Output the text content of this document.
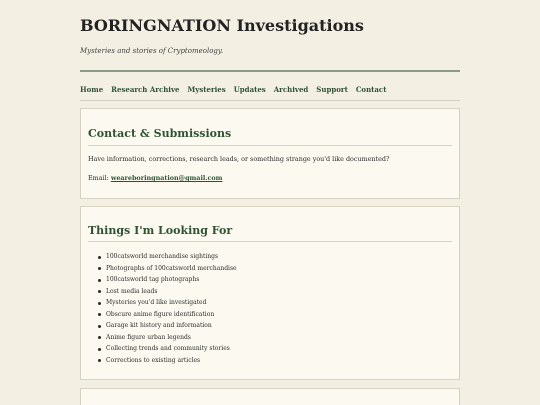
BORINGNATION Investigations

Mysteries and stories of Cryptomeology.

Home Research Archive Mysteries Updates Archived Support Contact
Contact & Submissions

Have information, corrections, research leads, or something strange you'd like documented?

Email: weareboringnation@gmail.com

Things I'm Looking For
100catsworld merchandise sightings
Photographs of 100catsworld merchandise
100catsworld tag photographs
Lost media leads
Mysteries you'd like investigated
Obscure anime figure identification
Garage kit history and information
Anime figure urban legends
Collecting trends and community stories
Corrections to existing articles
